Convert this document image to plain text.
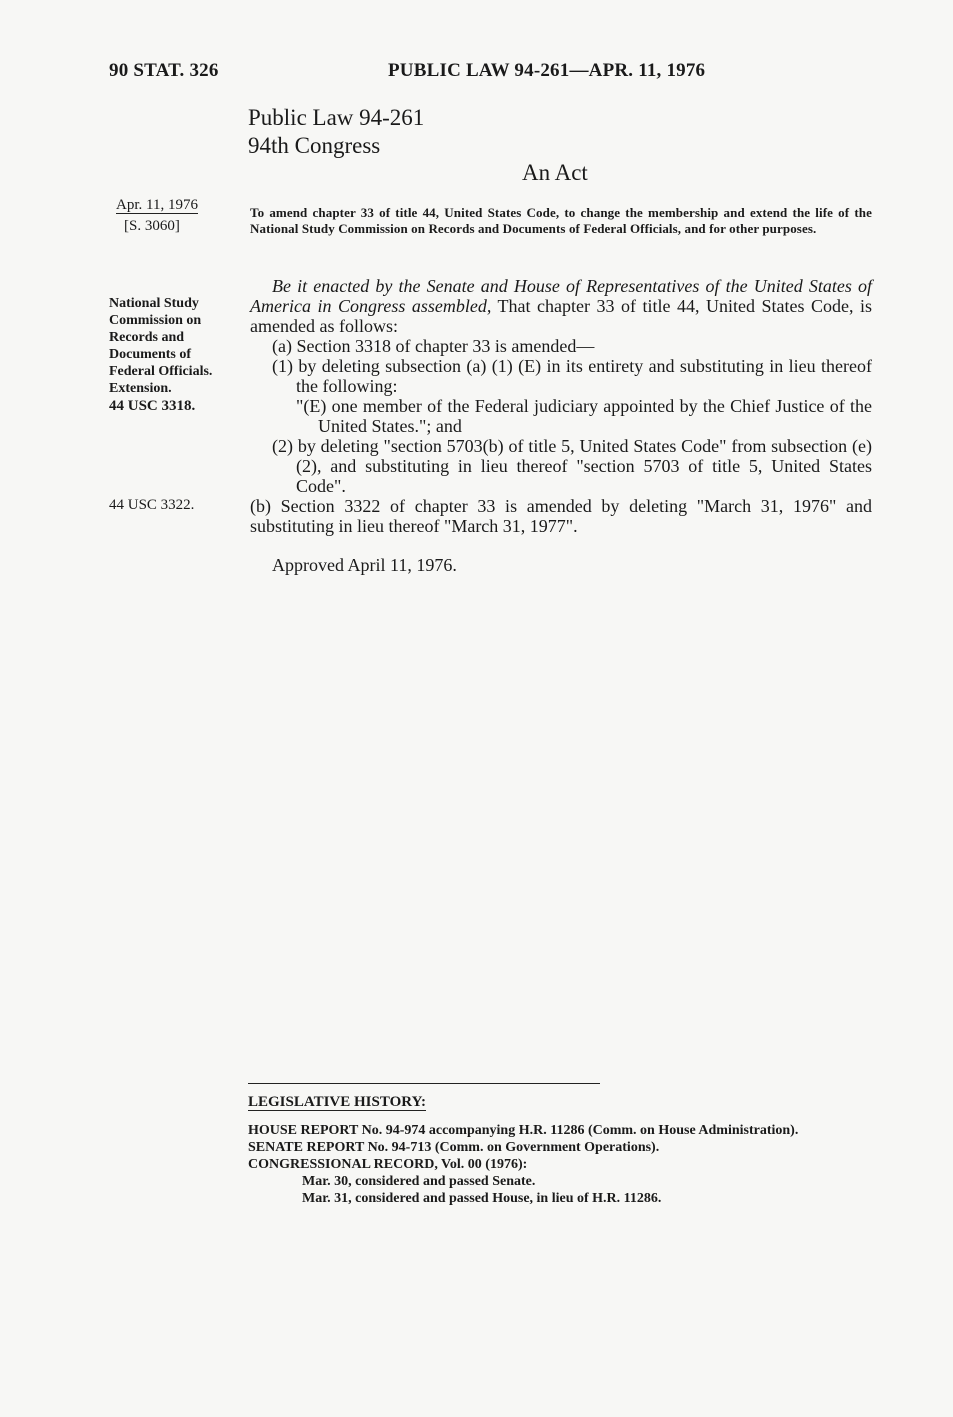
90 STAT. 326	PUBLIC LAW 94-261—APR. 11, 1976
Public Law 94-261
94th Congress
An Act
Apr. 11, 1976
[S. 3060]
National Study
Commission on
Records and
Documents of
Federal Officials.
Extension.
44 USC 3318.
44 USC 3322.
To amend chapter 33 of title 44, United States Code, to change the membership and extend the life of the National Study Commission on Records and Documents of Federal Officials, and for other purposes.

Be it enacted by the Senate and House of Representatives of the United States of America in Congress assembled, That chapter 33 of title 44, United States Code, is amended as follows:

(a) Section 3318 of chapter 33 is amended—

(1) by deleting subsection (a) (1) (E) in its entirety and substituting in lieu thereof the following:

"(E) one member of the Federal judiciary appointed by the Chief Justice of the United States."; and

(2) by deleting "section 5703(b) of title 5, United States Code" from subsection (e) (2), and substituting in lieu thereof "section 5703 of title 5, United States Code".

(b) Section 3322 of chapter 33 is amended by deleting "March 31, 1976" and substituting in lieu thereof "March 31, 1977".

Approved April 11, 1976.

LEGISLATIVE HISTORY:

HOUSE REPORT No. 94-974 accompanying H.R. 11286 (Comm. on House Administration).

SENATE REPORT No. 94-713 (Comm. on Government Operations).

CONGRESSIONAL RECORD, Vol. 00 (1976):

Mar. 30, considered and passed Senate.

Mar. 31, considered and passed House, in lieu of H.R. 11286.
